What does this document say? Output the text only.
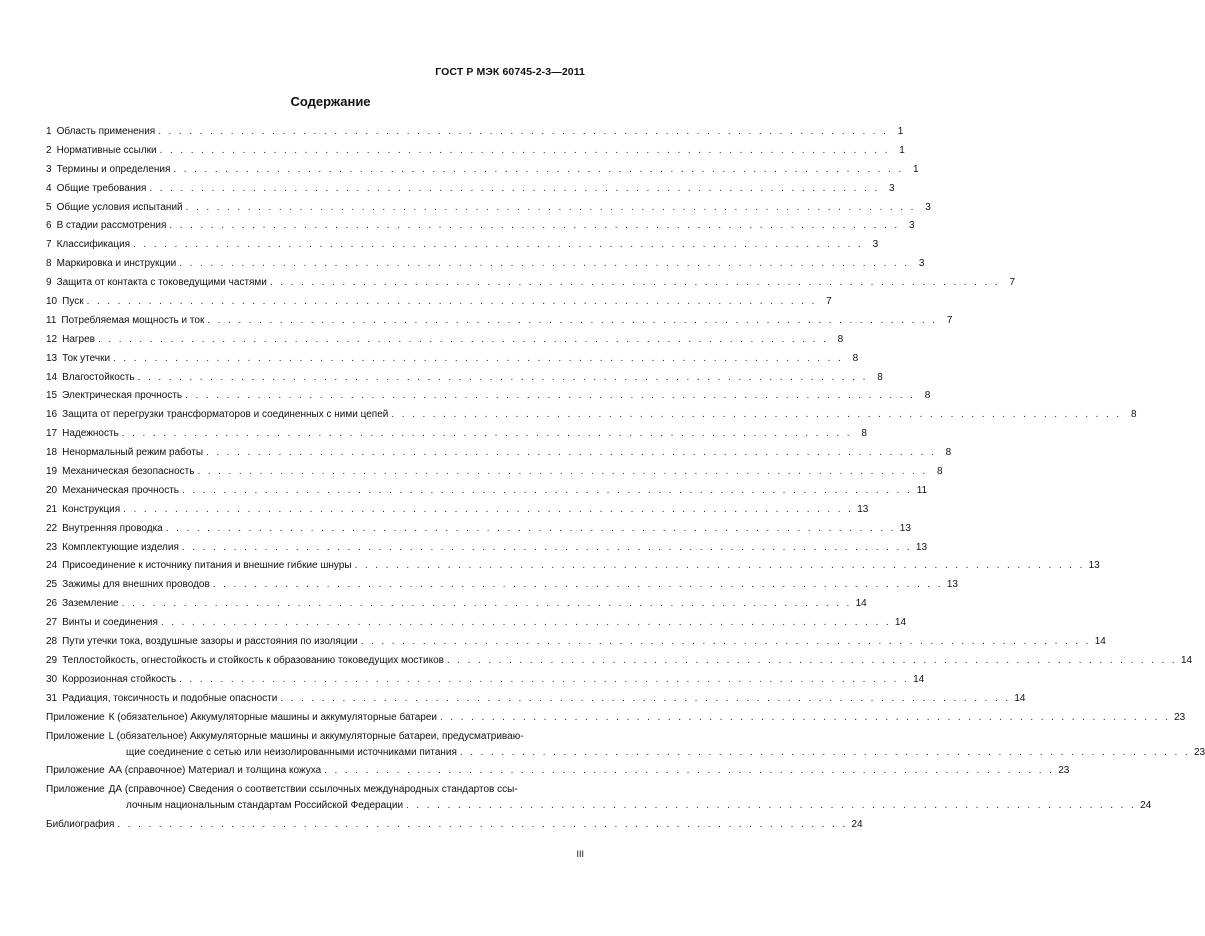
ГОСТ Р МЭК 60745-2-3—2011
Содержание
1 Область применения . . . . . . . . . . . . . . . . . . . . . . . . . . . . . . . . . . . . . . . . . . . . . . . . . . . . . . . . . . . . . . . . . . . . . . . 1
2 Нормативные ссылки . . . . . . . . . . . . . . . . . . . . . . . . . . . . . . . . . . . . . . . . . . . . . . . . . . . . . . . . . . . . . . . . . . . . . . . 1
3 Термины и определения . . . . . . . . . . . . . . . . . . . . . . . . . . . . . . . . . . . . . . . . . . . . . . . . . . . . . . . . . . . . . . . . . . . . . . . 1
4 Общие требования . . . . . . . . . . . . . . . . . . . . . . . . . . . . . . . . . . . . . . . . . . . . . . . . . . . . . . . . . . . . . . . . . . . . . . . 3
5 Общие условия испытаний . . . . . . . . . . . . . . . . . . . . . . . . . . . . . . . . . . . . . . . . . . . . . . . . . . . . . . . . . . . . . . . . . . . . . . . 3
6 В стадии рассмотрения . . . . . . . . . . . . . . . . . . . . . . . . . . . . . . . . . . . . . . . . . . . . . . . . . . . . . . . . . . . . . . . . . . . . . . . 3
7 Классификация . . . . . . . . . . . . . . . . . . . . . . . . . . . . . . . . . . . . . . . . . . . . . . . . . . . . . . . . . . . . . . . . . . . . . . . 3
8 Маркировка и инструкции . . . . . . . . . . . . . . . . . . . . . . . . . . . . . . . . . . . . . . . . . . . . . . . . . . . . . . . . . . . . . . . . . . . . . . . 3
9 Защита от контакта с токоведущими частями . . . . . . . . . . . . . . . . . . . . . . . . . . . . . . . . . . . . . . . . . . . . . . . . . . . . . . . . . . . . . . . . . . . . . . . 7
10 Пуск . . . . . . . . . . . . . . . . . . . . . . . . . . . . . . . . . . . . . . . . . . . . . . . . . . . . . . . . . . . . . . . . . . . . . . . 7
11 Потребляемая мощность и ток . . . . . . . . . . . . . . . . . . . . . . . . . . . . . . . . . . . . . . . . . . . . . . . . . . . . . . . . . . . . . . . . . . . . . . . 7
12 Нагрев . . . . . . . . . . . . . . . . . . . . . . . . . . . . . . . . . . . . . . . . . . . . . . . . . . . . . . . . . . . . . . . . . . . . . . . 8
13 Ток утечки . . . . . . . . . . . . . . . . . . . . . . . . . . . . . . . . . . . . . . . . . . . . . . . . . . . . . . . . . . . . . . . . . . . . . . . 8
14 Влагостойкость . . . . . . . . . . . . . . . . . . . . . . . . . . . . . . . . . . . . . . . . . . . . . . . . . . . . . . . . . . . . . . . . . . . . . . . 8
15 Электрическая прочность . . . . . . . . . . . . . . . . . . . . . . . . . . . . . . . . . . . . . . . . . . . . . . . . . . . . . . . . . . . . . . . . . . . . . . . 8
16 Защита от перегрузки трансформаторов и соединенных с ними цепей . . . . . . . . . . . . . . . . . . . . . . . . . . . . . . . . . . . . . . . . . . . . . . . . . . . . . . . . . . . . . . . . . . . . . . . 8
17 Надежность . . . . . . . . . . . . . . . . . . . . . . . . . . . . . . . . . . . . . . . . . . . . . . . . . . . . . . . . . . . . . . . . . . . . . . . 8
18 Ненормальный режим работы . . . . . . . . . . . . . . . . . . . . . . . . . . . . . . . . . . . . . . . . . . . . . . . . . . . . . . . . . . . . . . . . . . . . . . . 8
19 Механическая безопасность . . . . . . . . . . . . . . . . . . . . . . . . . . . . . . . . . . . . . . . . . . . . . . . . . . . . . . . . . . . . . . . . . . . . . . . 8
20 Механическая прочность . . . . . . . . . . . . . . . . . . . . . . . . . . . . . . . . . . . . . . . . . . . . . . . . . . . . . . . . . . . . . . . . . . . . . . . 11
21 Конструкция . . . . . . . . . . . . . . . . . . . . . . . . . . . . . . . . . . . . . . . . . . . . . . . . . . . . . . . . . . . . . . . . . . . . . . . 13
22 Внутренняя проводка . . . . . . . . . . . . . . . . . . . . . . . . . . . . . . . . . . . . . . . . . . . . . . . . . . . . . . . . . . . . . . . . . . . . . . . 13
23 Комплектующие изделия . . . . . . . . . . . . . . . . . . . . . . . . . . . . . . . . . . . . . . . . . . . . . . . . . . . . . . . . . . . . . . . . . . . . . . . 13
24 Присоединение к источнику питания и внешние гибкие шнуры . . . . . . . . . . . . . . . . . . . . . . . . . . . . . . . . . . . . . . . . . . . . . . . . . . . . . . . . . . . . . . . . . . . . . . . 13
25 Зажимы для внешних проводов . . . . . . . . . . . . . . . . . . . . . . . . . . . . . . . . . . . . . . . . . . . . . . . . . . . . . . . . . . . . . . . . . . . . . . . 13
26 Заземление . . . . . . . . . . . . . . . . . . . . . . . . . . . . . . . . . . . . . . . . . . . . . . . . . . . . . . . . . . . . . . . . . . . . . . . 14
27 Винты и соединения . . . . . . . . . . . . . . . . . . . . . . . . . . . . . . . . . . . . . . . . . . . . . . . . . . . . . . . . . . . . . . . . . . . . . . . 14
28 Пути утечки тока, воздушные зазоры и расстояния по изоляции . . . . . . . . . . . . . . . . . . . . . . . . . . . . . . . . . . . . . . . . . . . . . . . . . . . . . . . . . . . . . . . . . . . . . . . 14
29 Теплостойкость, огнестойкость и стойкость к образованию токоведущих мостиков . . . . . . . . . . . . . . . . . . . . . . . . . . . . . . . . . . . . . . . . . . . . . . . . . . . . . . . . . . . . . . . . . . . . . . . 14
30 Коррозионная стойкость . . . . . . . . . . . . . . . . . . . . . . . . . . . . . . . . . . . . . . . . . . . . . . . . . . . . . . . . . . . . . . . . . . . . . . . 14
31 Радиация, токсичность и подобные опасности . . . . . . . . . . . . . . . . . . . . . . . . . . . . . . . . . . . . . . . . . . . . . . . . . . . . . . . . . . . . . . . . . . . . . . . 14
Приложение К (обязательное) Аккумуляторные машины и аккумуляторные батареи . . . . . . . . . . . . . . . . . . . . . . . . . . . . . . . . . . . . . . . . . . . . . . . . . . . . . . . . . . . . . . . . . . . . . . . 23
Приложение L (обязательное) Аккумуляторные машины и аккумуляторные батареи, предусматриваю-
щие соединение с сетью или неизолированными источниками питания . . . . . . . . . . . . . . . . . . . . . . . . . . . . . . . . . . . . . . . . . . . . . . . . . . . . . . . . . . . . . . . . . . . . . . . 23
Приложение АА (справочное) Материал и толщина кожуха . . . . . . . . . . . . . . . . . . . . . . . . . . . . . . . . . . . . . . . . . . . . . . . . . . . . . . . . . . . . . . . . . . . . . . . 23
Приложение ДА (справочное) Сведения о соответствии ссылочных международных стандартов ссы-
лочным национальным стандартам Российской Федерации . . . . . . . . . . . . . . . . . . . . . . . . . . . . . . . . . . . . . . . . . . . . . . . . . . . . . . . . . . . . . . . . . . . . . . . 24
Библиография . . . . . . . . . . . . . . . . . . . . . . . . . . . . . . . . . . . . . . . . . . . . . . . . . . . . . . . . . . . . . . . . . . . . . . . 24
III
